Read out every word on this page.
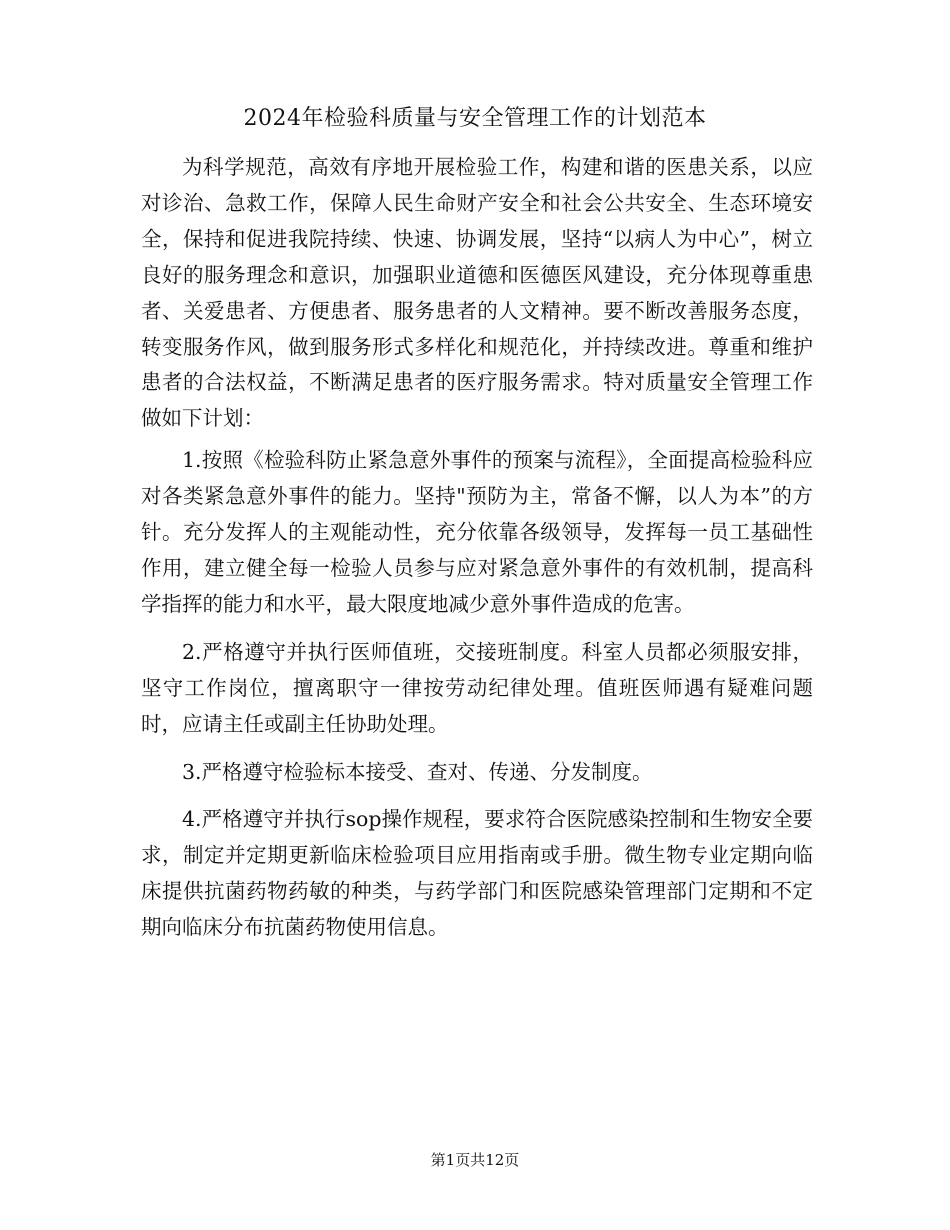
2024年检验科质量与安全管理工作的计划范本

为科学规范，高效有序地开展检验工作，构建和谐的医患关系，以应对诊治、急救工作，保障人民生命财产安全和社会公共安全、生态环境安全，保持和促进我院持续、快速、协调发展，坚持“以病人为中心”，树立良好的服务理念和意识，加强职业道德和医德医风建设，充分体现尊重患者、关爱患者、方便患者、服务患者的人文精神。要不断改善服务态度，转变服务作风，做到服务形式多样化和规范化，并持续改进。尊重和维护患者的合法权益，不断满足患者的医疗服务需求。特对质量安全管理工作做如下计划：

1.按照《检验科防止紧急意外事件的预案与流程》，全面提高检验科应对各类紧急意外事件的能力。坚持"预防为主，常备不懈，以人为本”的方针。充分发挥人的主观能动性，充分依靠各级领导，发挥每一员工基础性作用，建立健全每一检验人员参与应对紧急意外事件的有效机制，提高科学指挥的能力和水平，最大限度地减少意外事件造成的危害。

2.严格遵守并执行医师值班，交接班制度。科室人员都必须服安排，坚守工作岗位，擅离职守一律按劳动纪律处理。值班医师遇有疑难问题时，应请主任或副主任协助处理。

3.严格遵守检验标本接受、查对、传递、分发制度。

4.严格遵守并执行sop操作规程，要求符合医院感染控制和生物安全要求，制定并定期更新临床检验项目应用指南或手册。微生物专业定期向临床提供抗菌药物药敏的种类，与药学部门和医院感染管理部门定期和不定期向临床分布抗菌药物使用信息。

第1页共12页
